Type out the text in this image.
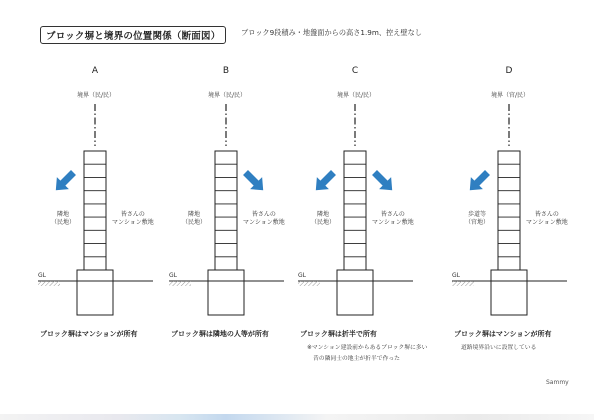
ブロック塀と境界の位置関係（断面図）	ブロック9段積み・地盤面からの高さ1.9m、控え壁なし
A
境界（民/民）
GL
隣地
（民地）
皆さんの
マンション敷地
ブロック塀はマンションが所有
B
境界（民/民）
GL
隣地
（民地）
皆さんの
マンション敷地
ブロック塀は隣地の人等が所有
C
境界（民/民）
GL
隣地
（民地）
皆さんの
マンション敷地
ブロック塀は折半で所有
※マンション建設前からあるブロック塀に多い
昔の隣同士の地主が折半で作った
D
境界（官/民）
GL
歩道等
（官地）
皆さんの
マンション敷地
ブロック塀はマンションが所有
道路境界沿いに設置している
Sammy
